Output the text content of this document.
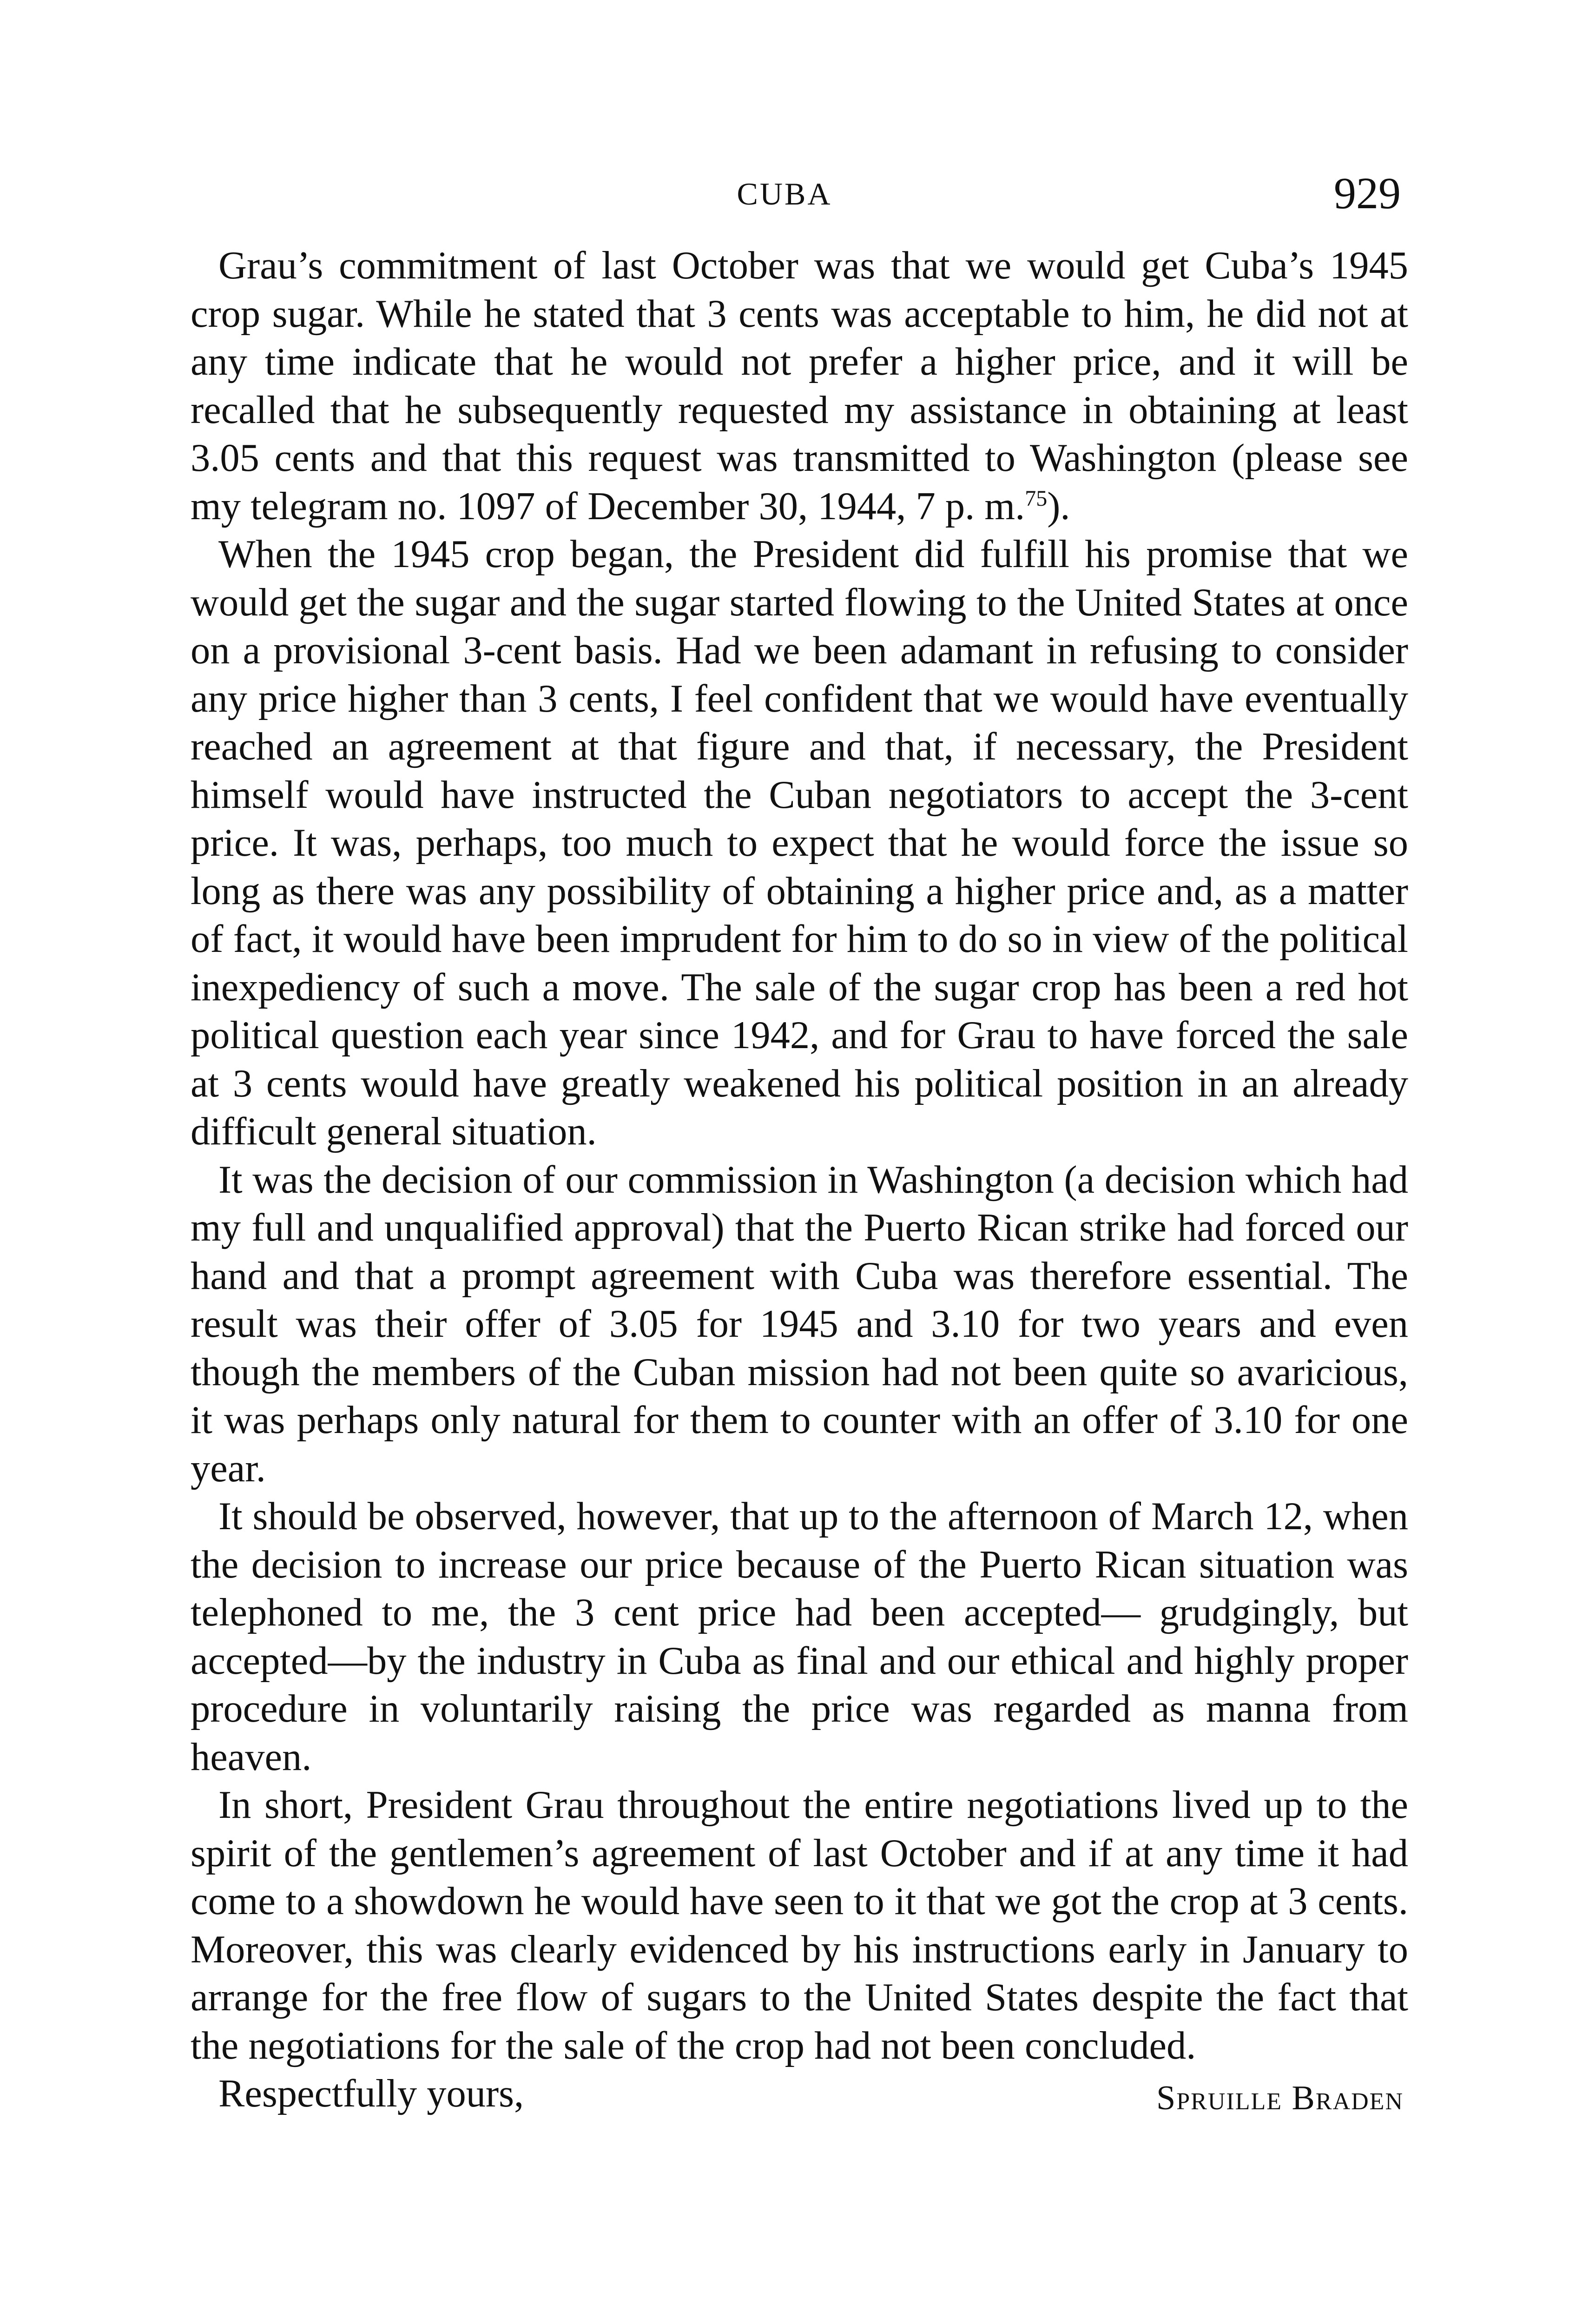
CUBA	929

Grau’s commitment of last October was that we would get Cuba’s 1945 crop sugar. While he stated that 3 cents was acceptable to him, he did not at any time indicate that he would not prefer a higher price, and it will be recalled that he subsequently requested my assistance in obtaining at least 3.05 cents and that this request was transmitted to Washington (please see my telegram no. 1097 of December 30, 1944, 7 p. m.$^{75}$).

When the 1945 crop began, the President did fulfill his promise that we would get the sugar and the sugar started flowing to the United States at once on a provisional 3-cent basis. Had we been adamant in refusing to consider any price higher than 3 cents, I feel confident that we would have eventually reached an agreement at that figure and that, if necessary, the President himself would have instructed the Cuban negotiators to accept the 3-cent price. It was, perhaps, too much to expect that he would force the issue so long as there was any possibility of obtaining a higher price and, as a matter of fact, it would have been imprudent for him to do so in view of the political inexpediency of such a move. The sale of the sugar crop has been a red hot political question each year since 1942, and for Grau to have forced the sale at 3 cents would have greatly weakened his political position in an already difficult general situation.

It was the decision of our commission in Washington (a decision which had my full and unqualified approval) that the Puerto Rican strike had forced our hand and that a prompt agreement with Cuba was therefore essential. The result was their offer of 3.05 for 1945 and 3.10 for two years and even though the members of the Cuban mission had not been quite so avaricious, it was perhaps only natural for them to counter with an offer of 3.10 for one year.

It should be observed, however, that up to the afternoon of March 12, when the decision to increase our price because of the Puerto Rican situation was telephoned to me, the 3 cent price had been accepted— grudgingly, but accepted—by the industry in Cuba as final and our ethical and highly proper procedure in voluntarily raising the price was regarded as manna from heaven.

In short, President Grau throughout the entire negotiations lived up to the spirit of the gentlemen’s agreement of last October and if at any time it had come to a showdown he would have seen to it that we got the crop at 3 cents. Moreover, this was clearly evidenced by his instructions early in January to arrange for the free flow of sugars to the United States despite the fact that the negotiations for the sale of the crop had not been concluded.

Respectfully yours,	Spruille Braden
